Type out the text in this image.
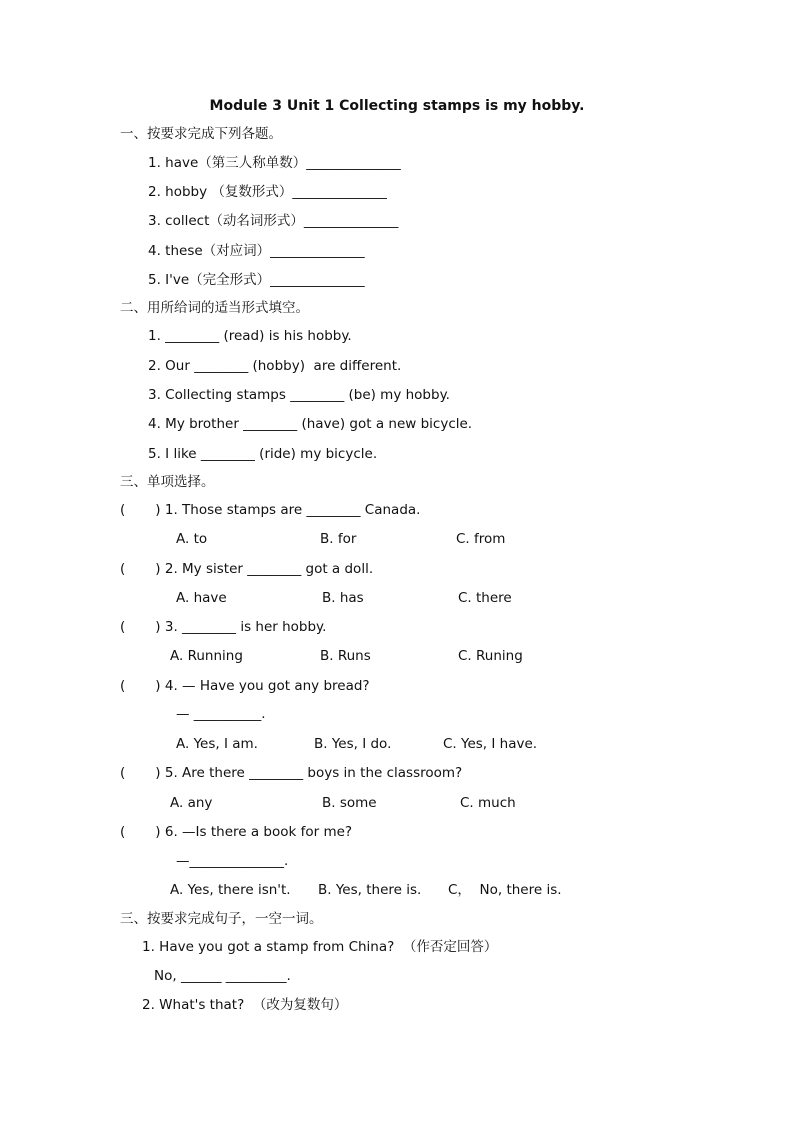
Module 3 Unit 1 Collecting stamps is my hobby.
一、按要求完成下列各题。
1. have（第三人称单数）______________
2. hobby （复数形式）______________
3. collect（动名词形式）______________
4. these（对应词）______________
5. I've（完全形式）______________
二、用所给词的适当形式填空。
1. ________ (read) is his hobby.
2. Our ________ (hobby)  are different.
3. Collecting stamps ________ (be) my hobby.
4. My brother ________ (have) got a new bicycle.
5. I like ________ (ride) my bicycle.
三、单项选择。
(       ) 1. Those stamps are ________ Canada.
A. to	B. for	C. from
(       ) 2. My sister ________ got a doll.
A. have	B. has	C. there
(       ) 3. ________ is her hobby.
A. Running	B. Runs	C. Runing
(       ) 4. — Have you got any bread?
— __________.
A. Yes, I am.	B. Yes, I do.	C. Yes, I have.
(       ) 5. Are there ________ boys in the classroom?
A. any	B. some	C. much
(       ) 6. —Is there a book for me?
—______________.
A. Yes, there isn't. B. Yes, there is. C，  No, there is.
三、按要求完成句子，一空一词。
1. Have you got a stamp from China?  （作否定回答）
No, ______ _________.
2. What's that?  （改为复数句）
